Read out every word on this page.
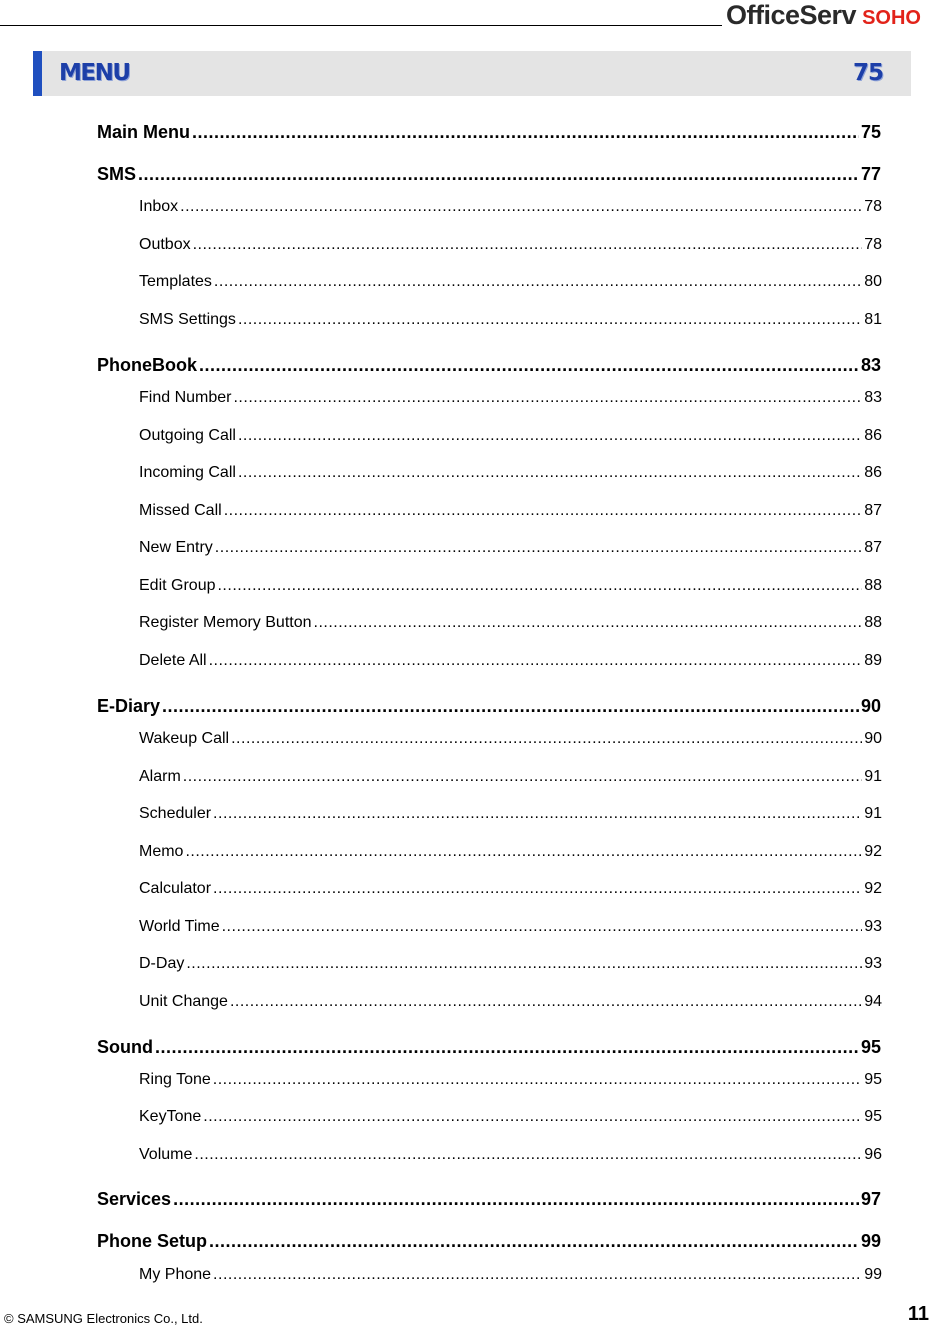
OfficeServ SOHO
MENU	75
Main Menu .....	75
SMS .....	77
Inbox .....	78
Outbox .....	78
Templates .....	80
SMS Settings .....	81
PhoneBook .....	83
Find Number .....	83
Outgoing Call .....	86
Incoming Call .....	86
Missed Call .....	87
New Entry .....	87
Edit Group .....	88
Register Memory Button .....	88
Delete All .....	89
E-Diary .....	90
Wakeup Call .....	90
Alarm .....	91
Scheduler .....	91
Memo .....	92
Calculator .....	92
World Time .....	93
D-Day .....	93
Unit Change .....	94
Sound .....	95
Ring Tone .....	95
KeyTone .....	95
Volume .....	96
Services .....	97
Phone Setup .....	99
My Phone .....	99
© SAMSUNG Electronics Co., Ltd.	11
